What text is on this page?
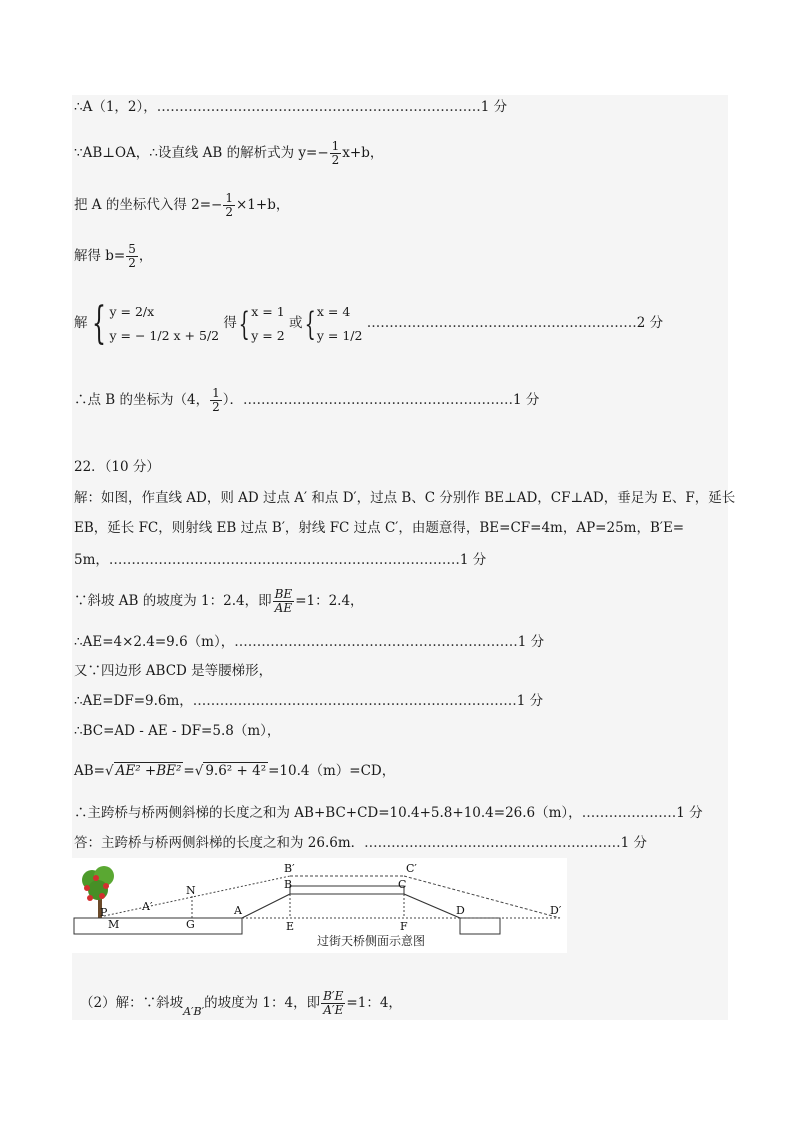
∴A（1，2），………………………………………………………………1 分
∵AB⊥OA，∴设直线 AB 的解析式为 $y=- \frac{1}{2} x+b$，
把 A 的坐标代入得 $2=- \frac{1}{2} \times 1+b$，
解得 $b= \frac{5}{2}$ ，
解{ y = 2/x
y = − 1/2 x + 5/2
得{ x = 1
y = 2
或{ x = 4
y = 1/2
……………………………………………………2 分
∴点 B 的坐标为（4， $\frac{1}{2}$ ）．……………………………………………………1 分
22．（10 分）
解：如图，作直线 AD，则 AD 过点 A′ 和点 D′，过点 B、C 分别作 BE⊥AD，CF⊥AD，垂足为 E、F，延长
EB，延长 FC，则射线 EB 过点 B′，射线 FC 过点 C′，由题意得，BE=CF=4m，AP=25m，B′E=
5m，……………………………………………………………………1 分
∵斜坡 AB 的坡度为 1：2.4，即 $\frac{BE}{AE} =1$：2.4，
∴AE=4×2.4=9.6（m），………………………………………………………1 分
又∵四边形 ABCD 是等腰梯形，
∴AE=DF=9.6m，………………………………………………………………1 分
∴BC=AD - AE - DF=5.8（m），
AB=√ AE² +BE² =√ 9.6² + 4² =10.4（m）=CD，
∴主跨桥与桥两侧斜梯的长度之和为 AB+BC+CD=10.4+5.8+10.4=26.6（m），…………………1 分
答：主跨桥与桥两侧斜梯的长度之和为 26.6m．…………………………………………………1 分
B′	C′
B	C
N
A′
P
M	G
A
E	F
D	D′
过街天桥侧面示意图
（2）解：∵斜坡$_{A'B'}$的坡度为 1：4，即 $\frac{B'E}{A'E} =1$：4，
